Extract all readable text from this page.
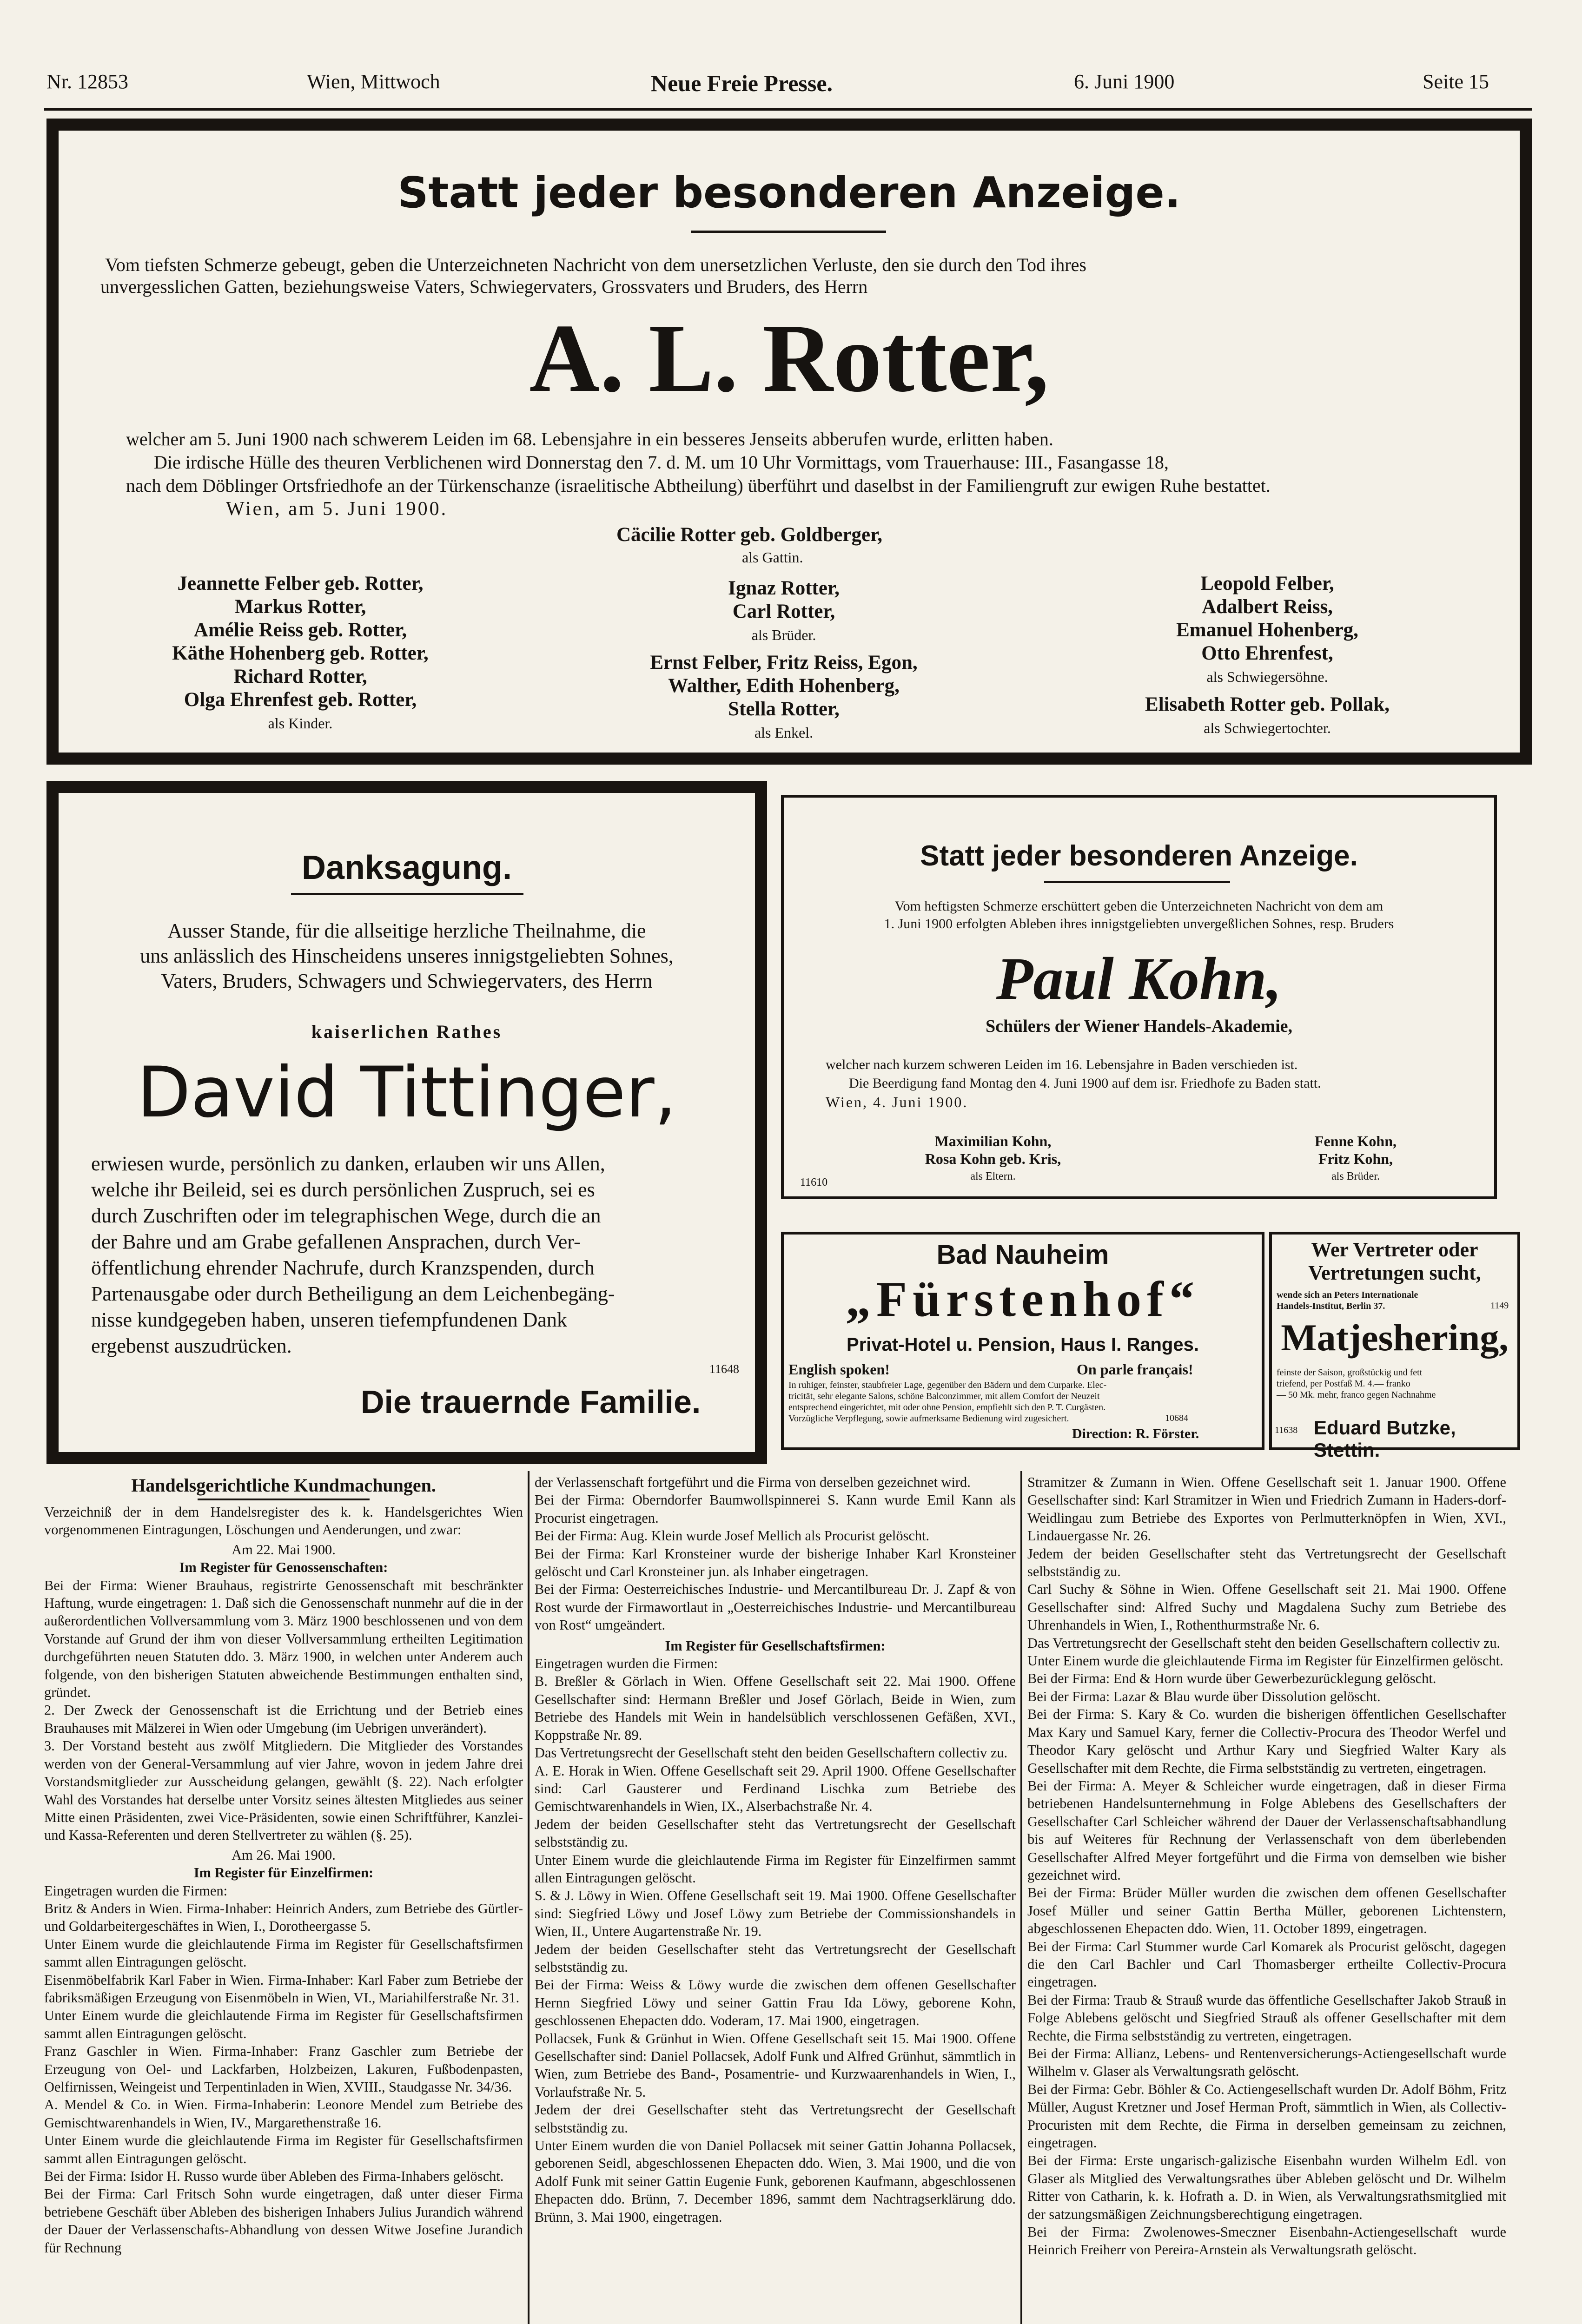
Nr. 12853	Wien, Mittwoch	Neue Freie Presse.	6. Juni 1900	Seite 15
Statt jeder besonderen Anzeige.
Vom tiefsten Schmerze gebeugt, geben die Unterzeichneten Nachricht von dem unersetzlichen Verluste, den sie durch den Tod ihres
unvergesslichen Gatten, beziehungsweise Vaters, Schwiegervaters, Grossvaters und Bruders, des Herrn
A. L. Rotter,
welcher am 5. Juni 1900 nach schwerem Leiden im 68. Lebensjahre in ein besseres Jenseits abberufen wurde, erlitten haben.
Die irdische Hülle des theuren Verblichenen wird Donnerstag den 7. d. M. um 10 Uhr Vormittags, vom Trauerhause: III., Fasangasse 18,
nach dem Döblinger Ortsfriedhofe an der Türkenschanze (israelitische Abtheilung) überführt und daselbst in der Familiengruft zur ewigen Ruhe bestattet.
Wien, am 5. Juni 1900.
Cäcilie Rotter geb. Goldberger,
als Gattin.

Jeannette Felber geb. Rotter,

Markus Rotter,

Amélie Reiss geb. Rotter,

Käthe Hohenberg geb. Rotter,

Richard Rotter,

Olga Ehrenfest geb. Rotter,

als Kinder.

Ignaz Rotter,

Carl Rotter,

als Brüder.

Ernst Felber, Fritz Reiss, Egon,

Walther, Edith Hohenberg,

Stella Rotter,

als Enkel.

Leopold Felber,

Adalbert Reiss,

Emanuel Hohenberg,

Otto Ehrenfest,

als Schwiegersöhne.

Elisabeth Rotter geb. Pollak,

als Schwiegertochter.

Danksagung.

Ausser Stande, für die allseitige herzliche Theilnahme, die

uns anlässlich des Hinscheidens unseres innigstgeliebten Sohnes,

Vaters, Bruders, Schwagers und Schwiegervaters, des Herrn

kaiserlichen Rathes
David Tittinger,

erwiesen wurde, persönlich zu danken, erlauben wir uns Allen,

welche ihr Beileid, sei es durch persönlichen Zuspruch, sei es

durch Zuschriften oder im telegraphischen Wege, durch die an

der Bahre und am Grabe gefallenen Ansprachen, durch Ver-

öffentlichung ehrender Nachrufe, durch Kranzspenden, durch

Partenausgabe oder durch Betheiligung an dem Leichenbegäng-

nisse kundgegeben haben, unseren tiefempfundenen Dank

ergebenst auszudrücken.

11648
Die trauernde Familie.
Statt jeder besonderen Anzeige.

Vom heftigsten Schmerze erschüttert geben die Unterzeichneten Nachricht von dem am

1. Juni 1900 erfolgten Ableben ihres innigstgeliebten unvergeßlichen Sohnes, resp. Bruders

Paul Kohn,
Schülers der Wiener Handels-Akademie,

welcher nach kurzem schweren Leiden im 16. Lebensjahre in Baden verschieden ist.

Die Beerdigung fand Montag den 4. Juni 1900 auf dem isr. Friedhofe zu Baden statt.

Wien, 4. Juni 1900.

Maximilian Kohn,

Rosa Kohn geb. Kris,

als Eltern.

Fenne Kohn,

Fritz Kohn,

als Brüder.

11610
Bad Nauheim
„Fürstenhof“
Privat-Hotel u. Pension, Haus I. Ranges.
English spoken!	On parle français!

In ruhiger, feinster, staubfreier Lage, gegenüber den Bädern und dem Curparke. Elec-

tricität, sehr elegante Salons, schöne Balconzimmer, mit allem Comfort der Neuzeit

entsprechend eingerichtet, mit oder ohne Pension, empfiehlt sich den P. T. Curgästen.

Vorzügliche Verpflegung, sowie aufmerksame Bedienung wird zugesichert.	10684
Direction: R. Förster.

Wer Vertreter oder

Vertretungen sucht,

wende sich an Peters Internationale

Handels-Institut, Berlin 37.	1149
Matjeshering,

feinste der Saison, großstückig und fett

triefend, per Postfaß M. 4.— franko

— 50 Mk. mehr, franco gegen Nachnahme

11638 Eduard Butzke, Stettin.

Handelsgerichtliche Kundmachungen.

Verzeichniß der in dem Handelsregister des k. k. Handelsgerichtes Wien vorgenommenen Eintragungen, Löschungen und Aenderungen, und zwar:

Am 22. Mai 1900.

Im Register für Genossenschaften:

Bei der Firma: Wiener Brauhaus, registrirte Genossenschaft mit beschränkter Haftung, wurde eingetragen: 1. Daß sich die Genossenschaft nunmehr auf die in der außerordentlichen Vollversammlung vom 3. März 1900 beschlossenen und von dem Vorstande auf Grund der ihm von dieser Vollversammlung ertheilten Legitimation durchgeführten neuen Statuten ddo. 3. März 1900, in welchen unter Anderem auch folgende, von den bisherigen Statuten abweichende Bestimmungen enthalten sind, gründet.

2. Der Zweck der Genossenschaft ist die Errichtung und der Betrieb eines Brauhauses mit Mälzerei in Wien oder Umgebung (im Uebrigen unverändert).

3. Der Vorstand besteht aus zwölf Mitgliedern. Die Mitglieder des Vorstandes werden von der General-Versammlung auf vier Jahre, wovon in jedem Jahre drei Vorstandsmitglieder zur Ausscheidung gelangen, gewählt (§. 22). Nach erfolgter Wahl des Vorstandes hat derselbe unter Vorsitz seines ältesten Mitgliedes aus seiner Mitte einen Präsidenten, zwei Vice-Präsidenten, sowie einen Schriftführer, Kanzlei- und Kassa-Referenten und deren Stellvertreter zu wählen (§. 25).

Am 26. Mai 1900.

Im Register für Einzelfirmen:

Eingetragen wurden die Firmen:

Britz & Anders in Wien. Firma-Inhaber: Heinrich Anders, zum Betriebe des Gürtler- und Goldarbeitergeschäftes in Wien, I., Dorotheergasse 5.

Unter Einem wurde die gleichlautende Firma im Register für Gesellschaftsfirmen sammt allen Eintragungen gelöscht.

Eisenmöbelfabrik Karl Faber in Wien. Firma-Inhaber: Karl Faber zum Betriebe der fabriksmäßigen Erzeugung von Eisenmöbeln in Wien, VI., Mariahilferstraße Nr. 31.

Unter Einem wurde die gleichlautende Firma im Register für Gesellschaftsfirmen sammt allen Eintragungen gelöscht.

Franz Gaschler in Wien. Firma-Inhaber: Franz Gaschler zum Betriebe der Erzeugung von Oel- und Lackfarben, Holzbeizen, Lakuren, Fußbodenpasten, Oelfirnissen, Weingeist und Terpentinladen in Wien, XVIII., Staudgasse Nr. 34/36.

A. Mendel & Co. in Wien. Firma-Inhaberin: Leonore Mendel zum Betriebe des Gemischtwarenhandels in Wien, IV., Margarethenstraße 16.

Unter Einem wurde die gleichlautende Firma im Register für Gesellschaftsfirmen sammt allen Eintragungen gelöscht.

Bei der Firma: Isidor H. Russo wurde über Ableben des Firma-Inhabers gelöscht.

Bei der Firma: Carl Fritsch Sohn wurde eingetragen, daß unter dieser Firma betriebene Geschäft über Ableben des bisherigen Inhabers Julius Jurandich während der Dauer der Verlassenschafts-Abhandlung von dessen Witwe Josefine Jurandich für Rechnung

der Verlassenschaft fortgeführt und die Firma von derselben gezeichnet wird.

Bei der Firma: Oberndorfer Baumwollspinnerei S. Kann wurde Emil Kann als Procurist eingetragen.

Bei der Firma: Aug. Klein wurde Josef Mellich als Procurist gelöscht.

Bei der Firma: Karl Kronsteiner wurde der bisherige Inhaber Karl Kronsteiner gelöscht und Carl Kronsteiner jun. als Inhaber eingetragen.

Bei der Firma: Oesterreichisches Industrie- und Mercantilbureau Dr. J. Zapf & von Rost wurde der Firmawortlaut in „Oesterreichisches Industrie- und Mercantilbureau von Rost“ umgeändert.

Im Register für Gesellschaftsfirmen:

Eingetragen wurden die Firmen:

B. Breßler & Görlach in Wien. Offene Gesellschaft seit 22. Mai 1900. Offene Gesellschafter sind: Hermann Breßler und Josef Görlach, Beide in Wien, zum Betriebe des Handels mit Wein in handelsüblich verschlossenen Gefäßen, XVI., Koppstraße Nr. 89.

Das Vertretungsrecht der Gesellschaft steht den beiden Gesellschaftern collectiv zu.

A. E. Horak in Wien. Offene Gesellschaft seit 29. April 1900. Offene Gesellschafter sind: Carl Gausterer und Ferdinand Lischka zum Betriebe des Gemischtwarenhandels in Wien, IX., Alserbachstraße Nr. 4.

Jedem der beiden Gesellschafter steht das Vertretungsrecht der Gesellschaft selbstständig zu.

Unter Einem wurde die gleichlautende Firma im Register für Einzelfirmen sammt allen Eintragungen gelöscht.

S. & J. Löwy in Wien. Offene Gesellschaft seit 19. Mai 1900. Offene Gesellschafter sind: Siegfried Löwy und Josef Löwy zum Betriebe der Commissionshandels in Wien, II., Untere Augartenstraße Nr. 19.

Jedem der beiden Gesellschafter steht das Vertretungsrecht der Gesellschaft selbstständig zu.

Bei der Firma: Weiss & Löwy wurde die zwischen dem offenen Gesellschafter Hernn Siegfried Löwy und seiner Gattin Frau Ida Löwy, geborene Kohn, geschlossenen Ehepacten ddo. Voderam, 17. Mai 1900, eingetragen.

Pollacsek, Funk & Grünhut in Wien. Offene Gesellschaft seit 15. Mai 1900. Offene Gesellschafter sind: Daniel Pollacsek, Adolf Funk und Alfred Grünhut, sämmtlich in Wien, zum Betriebe des Band-, Posamentrie- und Kurzwaarenhandels in Wien, I., Vorlaufstraße Nr. 5.

Jedem der drei Gesellschafter steht das Vertretungsrecht der Gesellschaft selbstständig zu.

Unter Einem wurden die von Daniel Pollacsek mit seiner Gattin Johanna Pollacsek, geborenen Seidl, abgeschlossenen Ehepacten ddo. Wien, 3. Mai 1900, und die von Adolf Funk mit seiner Gattin Eugenie Funk, geborenen Kaufmann, abgeschlossenen Ehepacten ddo. Brünn, 7. December 1896, sammt dem Nachtragserklärung ddo. Brünn, 3. Mai 1900, eingetragen.

Stramitzer & Zumann in Wien. Offene Gesellschaft seit 1. Januar 1900. Offene Gesellschafter sind: Karl Stramitzer in Wien und Friedrich Zumann in Haders-dorf-Weidlingau zum Betriebe des Exportes von Perlmutterknöpfen in Wien, XVI., Lindauergasse Nr. 26.

Jedem der beiden Gesellschafter steht das Vertretungsrecht der Gesellschaft selbstständig zu.

Carl Suchy & Söhne in Wien. Offene Gesellschaft seit 21. Mai 1900. Offene Gesellschafter sind: Alfred Suchy und Magdalena Suchy zum Betriebe des Uhrenhandels in Wien, I., Rothenthurmstraße Nr. 6.

Das Vertretungsrecht der Gesellschaft steht den beiden Gesellschaftern collectiv zu.

Unter Einem wurde die gleichlautende Firma im Register für Einzelfirmen gelöscht.

Bei der Firma: End & Horn wurde über Gewerbezurücklegung gelöscht.

Bei der Firma: Lazar & Blau wurde über Dissolution gelöscht.

Bei der Firma: S. Kary & Co. wurden die bisherigen öffentlichen Gesellschafter Max Kary und Samuel Kary, ferner die Collectiv-Procura des Theodor Werfel und Theodor Kary gelöscht und Arthur Kary und Siegfried Walter Kary als Gesellschafter mit dem Rechte, die Firma selbstständig zu vertreten, eingetragen.

Bei der Firma: A. Meyer & Schleicher wurde eingetragen, daß in dieser Firma betriebenen Handelsunternehmung in Folge Ablebens des Gesellschafters der Gesellschafter Carl Schleicher während der Dauer der Verlassenschaftsabhandlung bis auf Weiteres für Rechnung der Verlassenschaft von dem überlebenden Gesellschafter Alfred Meyer fortgeführt und die Firma von demselben wie bisher gezeichnet wird.

Bei der Firma: Brüder Müller wurden die zwischen dem offenen Gesellschafter Josef Müller und seiner Gattin Bertha Müller, geborenen Lichtenstern, abgeschlossenen Ehepacten ddo. Wien, 11. October 1899, eingetragen.

Bei der Firma: Carl Stummer wurde Carl Komarek als Procurist gelöscht, dagegen die den Carl Bachler und Carl Thomasberger ertheilte Collectiv-Procura eingetragen.

Bei der Firma: Traub & Strauß wurde das öffentliche Gesellschafter Jakob Strauß in Folge Ablebens gelöscht und Siegfried Strauß als offener Gesellschafter mit dem Rechte, die Firma selbstständig zu vertreten, eingetragen.

Bei der Firma: Allianz, Lebens- und Rentenversicherungs-Actiengesellschaft wurde Wilhelm v. Glaser als Verwaltungsrath gelöscht.

Bei der Firma: Gebr. Böhler & Co. Actiengesellschaft wurden Dr. Adolf Böhm, Fritz Müller, August Kretzner und Josef Herman Proft, sämmtlich in Wien, als Collectiv-Procuristen mit dem Rechte, die Firma in derselben gemeinsam zu zeichnen, eingetragen.

Bei der Firma: Erste ungarisch-galizische Eisenbahn wurden Wilhelm Edl. von Glaser als Mitglied des Verwaltungsrathes über Ableben gelöscht und Dr. Wilhelm Ritter von Catharin, k. k. Hofrath a. D. in Wien, als Verwaltungsrathsmitglied mit der satzungsmäßigen Zeichnungsberechtigung eingetragen.

Bei der Firma: Zwolenowes-Smeczner Eisenbahn-Actiengesellschaft wurde Heinrich Freiherr von Pereira-Arnstein als Verwaltungsrath gelöscht.
